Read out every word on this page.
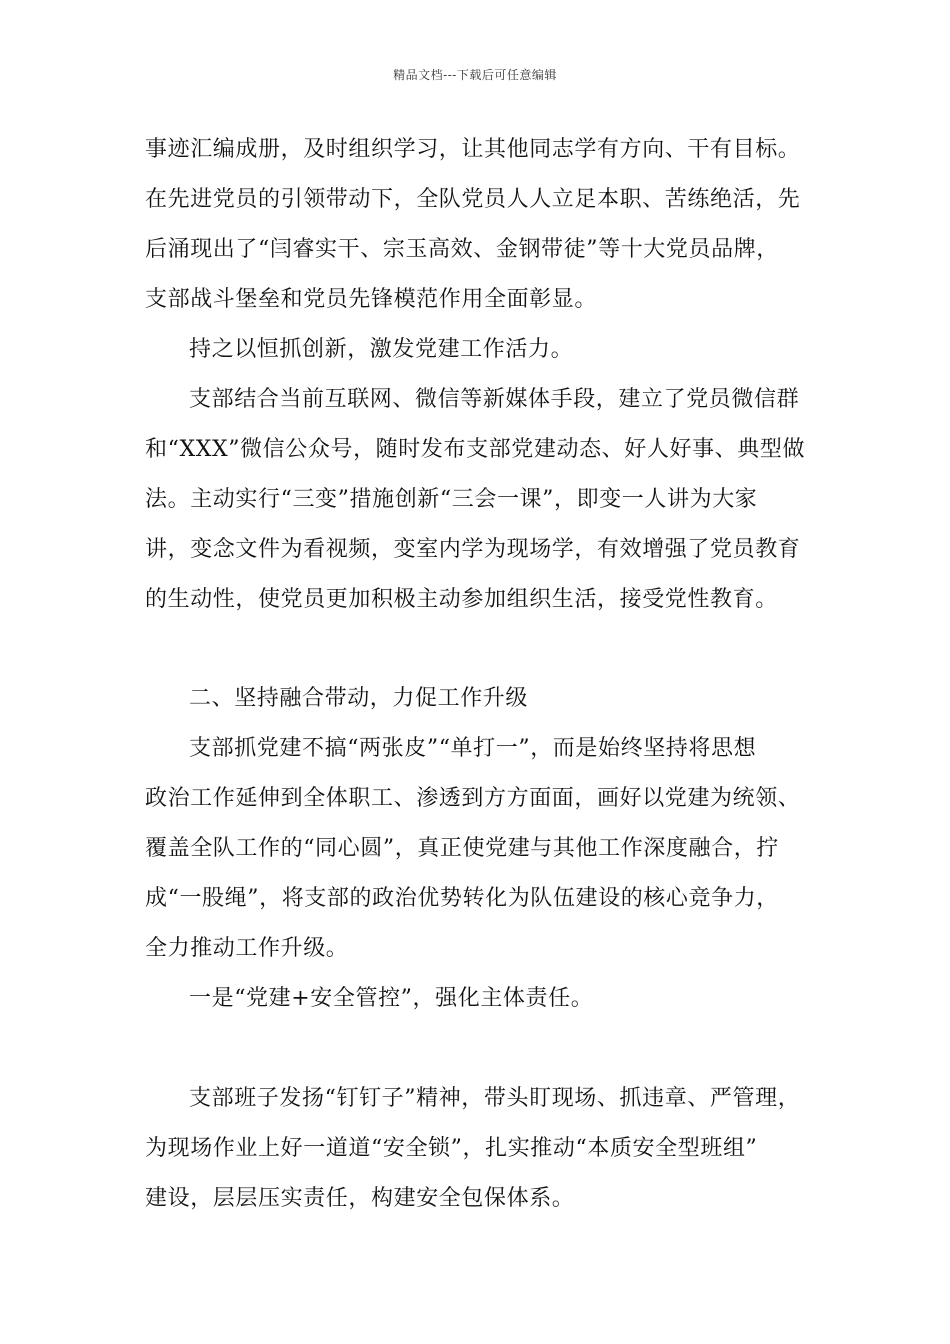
精品文档---下载后可任意编辑
事迹汇编成册，及时组织学习，让其他同志学有方向、干有目标。
在先进党员的引领带动下，全队党员人人立足本职、苦练绝活，先
后涌现出了“闫睿实干、宗玉高效、金钢带徒”等十大党员品牌，
支部战斗堡垒和党员先锋模范作用全面彰显。
持之以恒抓创新，激发党建工作活力。
支部结合当前互联网、微信等新媒体手段，建立了党员微信群
和“XXX”微信公众号，随时发布支部党建动态、好人好事、典型做
法。主动实行“三变”措施创新“三会一课”，即变一人讲为大家
讲，变念文件为看视频，变室内学为现场学，有效增强了党员教育
的生动性，使党员更加积极主动参加组织生活，接受党性教育。
二、坚持融合带动，力促工作升级
支部抓党建不搞“两张皮”“单打一”，而是始终坚持将思想
政治工作延伸到全体职工、渗透到方方面面，画好以党建为统领、
覆盖全队工作的“同心圆”，真正使党建与其他工作深度融合，拧
成“一股绳”，将支部的政治优势转化为队伍建设的核心竞争力，
全力推动工作升级。
一是“党建+安全管控”，强化主体责任。
支部班子发扬“钉钉子”精神，带头盯现场、抓违章、严管理，
为现场作业上好一道道“安全锁”，扎实推动“本质安全型班组”
建设，层层压实责任，构建安全包保体系。
